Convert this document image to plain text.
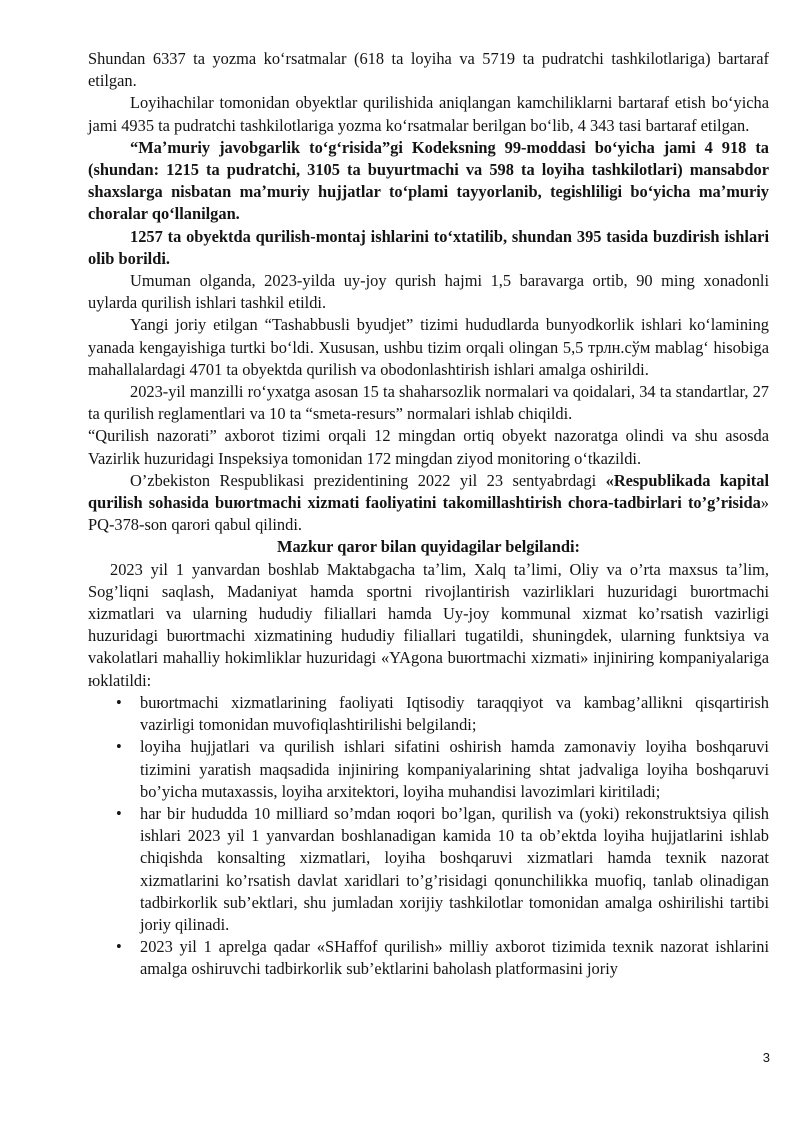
Shundan 6337 ta yozma koʻrsatmalar (618 ta loyiha va 5719 ta pudratchi tashkilotlariga) bartaraf etilgan.

Loyihachilar tomonidan obyektlar qurilishida aniqlangan kamchiliklarni bartaraf etish boʻyicha jami 4935 ta pudratchi tashkilotlariga yozma koʻrsatmalar berilgan boʻlib, 4 343 tasi bartaraf etilgan.

“Maʼmuriy javobgarlik toʻgʻrisida”gi Kodeksning 99-moddasi boʻyicha jami 4 918 ta (shundan: 1215 ta pudratchi, 3105 ta buyurtmachi va 598 ta loyiha tashkilotlari) mansabdor shaxslarga nisbatan maʼmuriy hujjatlar toʻplami tayyorlanib, tegishliligi boʻyicha maʼmuriy choralar qoʻllanilgan.

1257 ta obyektda qurilish-montaj ishlarini toʻxtatilib, shundan 395 tasida buzdirish ishlari olib borildi.

Umuman olganda, 2023-yilda uy-joy qurish hajmi 1,5 baravarga ortib, 90 ming xonadonli uylarda qurilish ishlari tashkil etildi.

Yangi joriy etilgan “Tashabbusli byudjet” tizimi hududlarda bunyodkorlik ishlari koʻlamining yanada kengayishiga turtki boʻldi. Xususan, ushbu tizim orqali olingan 5,5 трлн.сўм mablagʻ hisobiga mahallalardagi 4701 ta obyektda qurilish va obodonlashtirish ishlari amalga oshirildi.

2023-yil manzilli roʻyxatga asosan 15 ta shaharsozlik normalari va qoidalari, 34 ta standartlar, 27 ta qurilish reglamentlari va 10 ta “smeta-resurs” normalari ishlab chiqildi.

“Qurilish nazorati” axborot tizimi orqali 12 mingdan ortiq obyekt nazoratga olindi va shu asosda Vazirlik huzuridagi Inspeksiya tomonidan 172 mingdan ziyod monitoring oʻtkazildi.

O’zbekiston Respublikasi prezidentining 2022 yil 23 sentyabrdagi «Respublikada kapital qurilish sohasida buюrtmachi xizmati faoliyatini takomillashtirish chora-tadbirlari to’g’risida» PQ-378-son qarori qabul qilindi.

Mazkur qaror bilan quyidagilar belgilandi:

2023 yil 1 yanvardan boshlab Maktabgacha taʼlim, Xalq taʼlimi, Oliy va o’rta maxsus taʼlim, Sog’liqni saqlash, Madaniyat hamda sportni rivojlantirish vazirliklari huzuridagi buюrtmachi xizmatlari va ularning hududiy filiallari hamda Uy-joy kommunal xizmat ko’rsatish vazirligi huzuridagi buюrtmachi xizmatining hududiy filiallari tugatildi, shuningdek, ularning funktsiya va vakolatlari mahalliy hokimliklar huzuridagi «YAgona buюrtmachi xizmati» injiniring kompaniyalariga юklatildi:

• buюrtmachi xizmatlarining faoliyati Iqtisodiy taraqqiyot va kambag’allikni qisqartirish vazirligi tomonidan muvofiqlashtirilishi belgilandi;
• loyiha hujjatlari va qurilish ishlari sifatini oshirish hamda zamonaviy loyiha boshqaruvi tizimini yaratish maqsadida injiniring kompaniyalarining shtat jadvaliga loyiha boshqaruvi bo’yicha mutaxassis, loyiha arxitektori, loyiha muhandisi lavozimlari kiritiladi;
• har bir hududda 10 milliard so’mdan юqori bo’lgan, qurilish va (yoki) rekonstruktsiya qilish ishlari 2023 yil 1 yanvardan boshlanadigan kamida 10 ta ob’ektda loyiha hujjatlarini ishlab chiqishda konsalting xizmatlari, loyiha boshqaruvi xizmatlari hamda texnik nazorat xizmatlarini ko’rsatish davlat xaridlari to’g’risidagi qonunchilikka muofiq, tanlab olinadigan tadbirkorlik sub’ektlari, shu jumladan xorijiy tashkilotlar tomonidan amalga oshirilishi tartibi joriy qilinadi.
• 2023 yil 1 aprelga qadar «SHaffof qurilish» milliy axborot tizimida texnik nazorat ishlarini amalga oshiruvchi tadbirkorlik sub’ektlarini baholash platformasini joriy
3
